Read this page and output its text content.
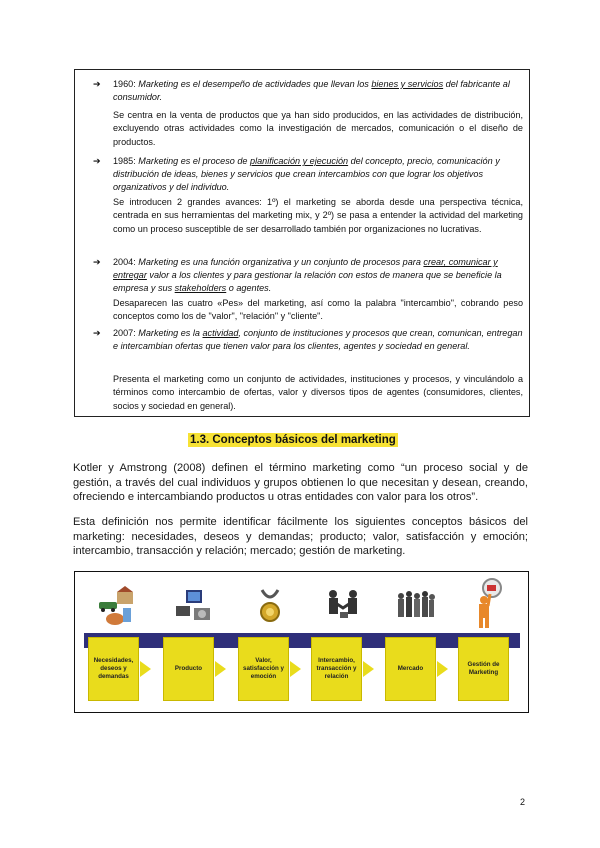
➔	1960: Marketing es el desempeño de actividades que llevan los bienes y servicios del fabricante al consumidor.
Se centra en la venta de productos que ya han sido producidos, en las actividades de distribución, excluyendo otras actividades como la investigación de mercados, comunicación o el diseño de productos.
➔	1985: Marketing es el proceso de planificación y ejecución del concepto, precio, comunicación y distribución de ideas, bienes y servicios que crean intercambios con que lograr los objetivos organizativos y del individuo.
Se introducen 2 grandes avances: 1º) el marketing se aborda desde una perspectiva técnica, centrada en sus herramientas del marketing mix, y 2º) se pasa a entender la actividad del marketing como un proceso susceptible de ser desarrollado también por organizaciones no lucrativas.
➔	2004: Marketing es una función organizativa y un conjunto de procesos para crear, comunicar y entregar valor a los clientes y para gestionar la relación con estos de manera que se beneficie la empresa y sus stakeholders o agentes.
Desaparecen las cuatro «Pes» del marketing, así como la palabra "intercambio", cobrando peso conceptos como los de "valor", "relación" y "cliente".
➔	2007: Marketing es la actividad, conjunto de instituciones y procesos que crean, comunican, entregan e intercambian ofertas que tienen valor para los clientes, agentes y sociedad en general.
Presenta el marketing como un conjunto de actividades, instituciones y procesos, y vinculándolo a términos como intercambio de ofertas, valor y diversos tipos de agentes (consumidores, clientes, socios y sociedad en general).
1.3. Conceptos básicos del marketing
Kotler y Amstrong (2008) definen el término marketing como “un proceso social y de gestión, a través del cual individuos y grupos obtienen lo que necesitan y desean, creando, ofreciendo e intercambiando productos u otras entidades con valor para los otros”.
Esta definición nos permite identificar fácilmente los siguientes conceptos básicos del marketing: necesidades, deseos y demandas; producto; valor, satisfacción y emoción; intercambio, transacción y relación; mercado; gestión de marketing.
Necesidades, deseos y demandas
Producto
Valor, satisfacción y emoción
Intercambio, transacción y relación
Mercado
Gestión de Marketing
2
